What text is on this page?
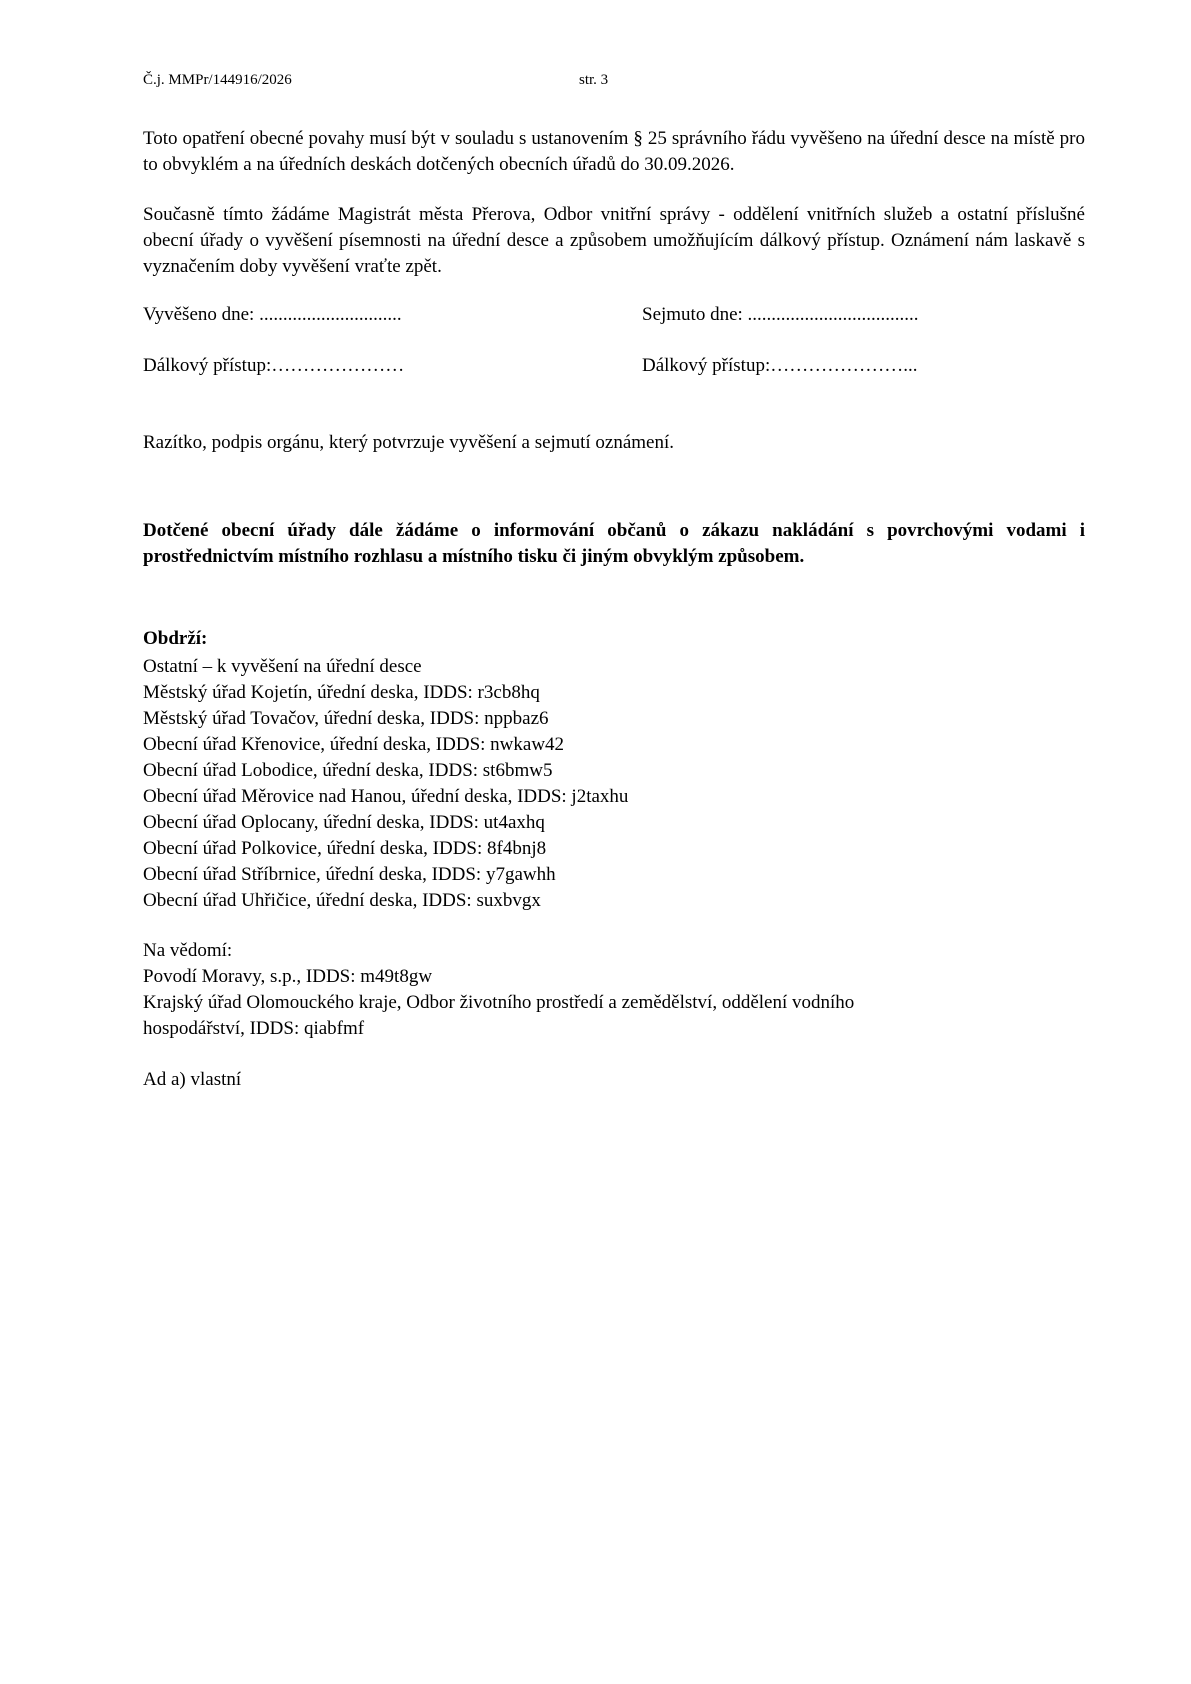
Č.j. MMPr/144916/2026	str. 3

Toto opatření obecné povahy musí být v souladu s ustanovením § 25 správního řádu vyvěšeno na úřední desce na místě pro to obvyklém a na úředních deskách dotčených obecních úřadů do 30.09.2026.

Současně tímto žádáme Magistrát města Přerova, Odbor vnitřní správy - oddělení vnitřních služeb a ostatní příslušné obecní úřady o vyvěšení písemnosti na úřední desce a způsobem umožňujícím dálkový přístup. Oznámení nám laskavě s vyznačením doby vyvěšení vraťte zpět.

Vyvěšeno dne: ..............................	Sejmuto dne: ....................................
Dálkový přístup:…………………	Dálkový přístup:…………………...

Razítko, podpis orgánu, který potvrzuje vyvěšení a sejmutí oznámení.

Dotčené obecní úřady dále žádáme o informování občanů o zákazu nakládání s povrchovými vodami i prostřednictvím místního rozhlasu a místního tisku či jiným obvyklým způsobem.

Obdrží:

Ostatní – k vyvěšení na úřední desce
Městský úřad Kojetín, úřední deska, IDDS: r3cb8hq
Městský úřad Tovačov, úřední deska, IDDS: nppbaz6
Obecní úřad Křenovice, úřední deska, IDDS: nwkaw42
Obecní úřad Lobodice, úřední deska, IDDS: st6bmw5
Obecní úřad Měrovice nad Hanou, úřední deska, IDDS: j2taxhu
Obecní úřad Oplocany, úřední deska, IDDS: ut4axhq
Obecní úřad Polkovice, úřední deska, IDDS: 8f4bnj8
Obecní úřad Stříbrnice, úřední deska, IDDS: y7gawhh
Obecní úřad Uhřičice, úřední deska, IDDS: suxbvgx

Na vědomí:

Povodí Moravy, s.p., IDDS: m49t8gw
Krajský úřad Olomouckého kraje, Odbor životního prostředí a zemědělství, oddělení vodního
hospodářství, IDDS: qiabfmf

Ad a) vlastní
